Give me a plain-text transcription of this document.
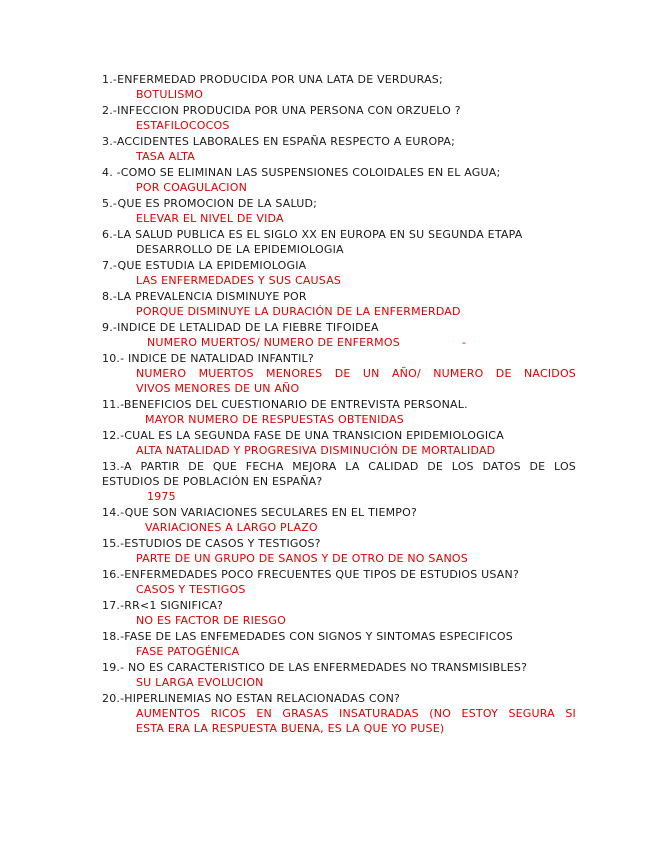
1.-ENFERMEDAD PRODUCIDA POR UNA LATA DE VERDURAS;
BOTULISMO
2.-INFECCION PRODUCIDA POR UNA PERSONA CON ORZUELO ?
ESTAFILOCOCOS
3.-ACCIDENTES LABORALES EN ESPAÑA RESPECTO A EUROPA;
TASA ALTA
4. -COMO SE ELIMINAN LAS SUSPENSIONES COLOIDALES EN EL AGUA;
POR COAGULACION
5.-QUE ES PROMOCION DE LA SALUD;
ELEVAR EL NIVEL DE VIDA
6.-LA SALUD PUBLICA ES EL SIGLO XX EN EUROPA EN SU SEGUNDA ETAPA
DESARROLLO DE LA EPIDEMIOLOGIA
7.-QUE ESTUDIA LA EPIDEMIOLOGIA
LAS ENFERMEDADES Y SUS CAUSAS
8.-LA PREVALENCIA DISMINUYE POR
PORQUE DISMINUYE LA DURACIÓN DE LA ENFERMERDAD
9.-INDICE DE LETALIDAD DE LA FIEBRE TIFOIDEA
NUMERO MUERTOS/ NUMERO DE ENFERMOS	-
10.- INDICE DE NATALIDAD INFANTIL?
NUMERO MUERTOS MENORES DE UN AÑO/ NUMERO DE NACIDOS
VIVOS MENORES DE UN AÑO
11.-BENEFICIOS DEL CUESTIONARIO DE ENTREVISTA PERSONAL.
MAYOR NUMERO DE RESPUESTAS OBTENIDAS
12.-CUAL ES LA SEGUNDA FASE DE UNA TRANSICION EPIDEMIOLOGICA
ALTA NATALIDAD Y PROGRESIVA DISMINUCIÓN DE MORTALIDAD
13.-A PARTIR DE QUE FECHA MEJORA LA CALIDAD DE LOS DATOS DE LOS
ESTUDIOS DE POBLACIÓN EN ESPAÑA?
1975
14.-QUE SON VARIACIONES SECULARES EN EL TIEMPO?
VARIACIONES A LARGO PLAZO
15.-ESTUDIOS DE CASOS Y TESTIGOS?
PARTE DE UN GRUPO DE SANOS Y DE OTRO DE NO SANOS
16.-ENFERMEDADES POCO FRECUENTES QUE TIPOS DE ESTUDIOS USAN?
CASOS Y TESTIGOS
17.-RR<1 SIGNIFICA?
NO ES FACTOR DE RIESGO
18.-FASE DE LAS ENFEMEDADES CON SIGNOS Y SINTOMAS ESPECIFICOS
FASE PATOGÉNICA
19.- NO ES CARACTERISTICO DE LAS ENFERMEDADES NO TRANSMISIBLES?
SU LARGA EVOLUCION
20.-HIPERLINEMIAS NO ESTAN RELACIONADAS CON?
AUMENTOS RICOS EN GRASAS INSATURADAS (NO ESTOY SEGURA SI
ESTA ERA LA RESPUESTA BUENA, ES LA QUE YO PUSE)
